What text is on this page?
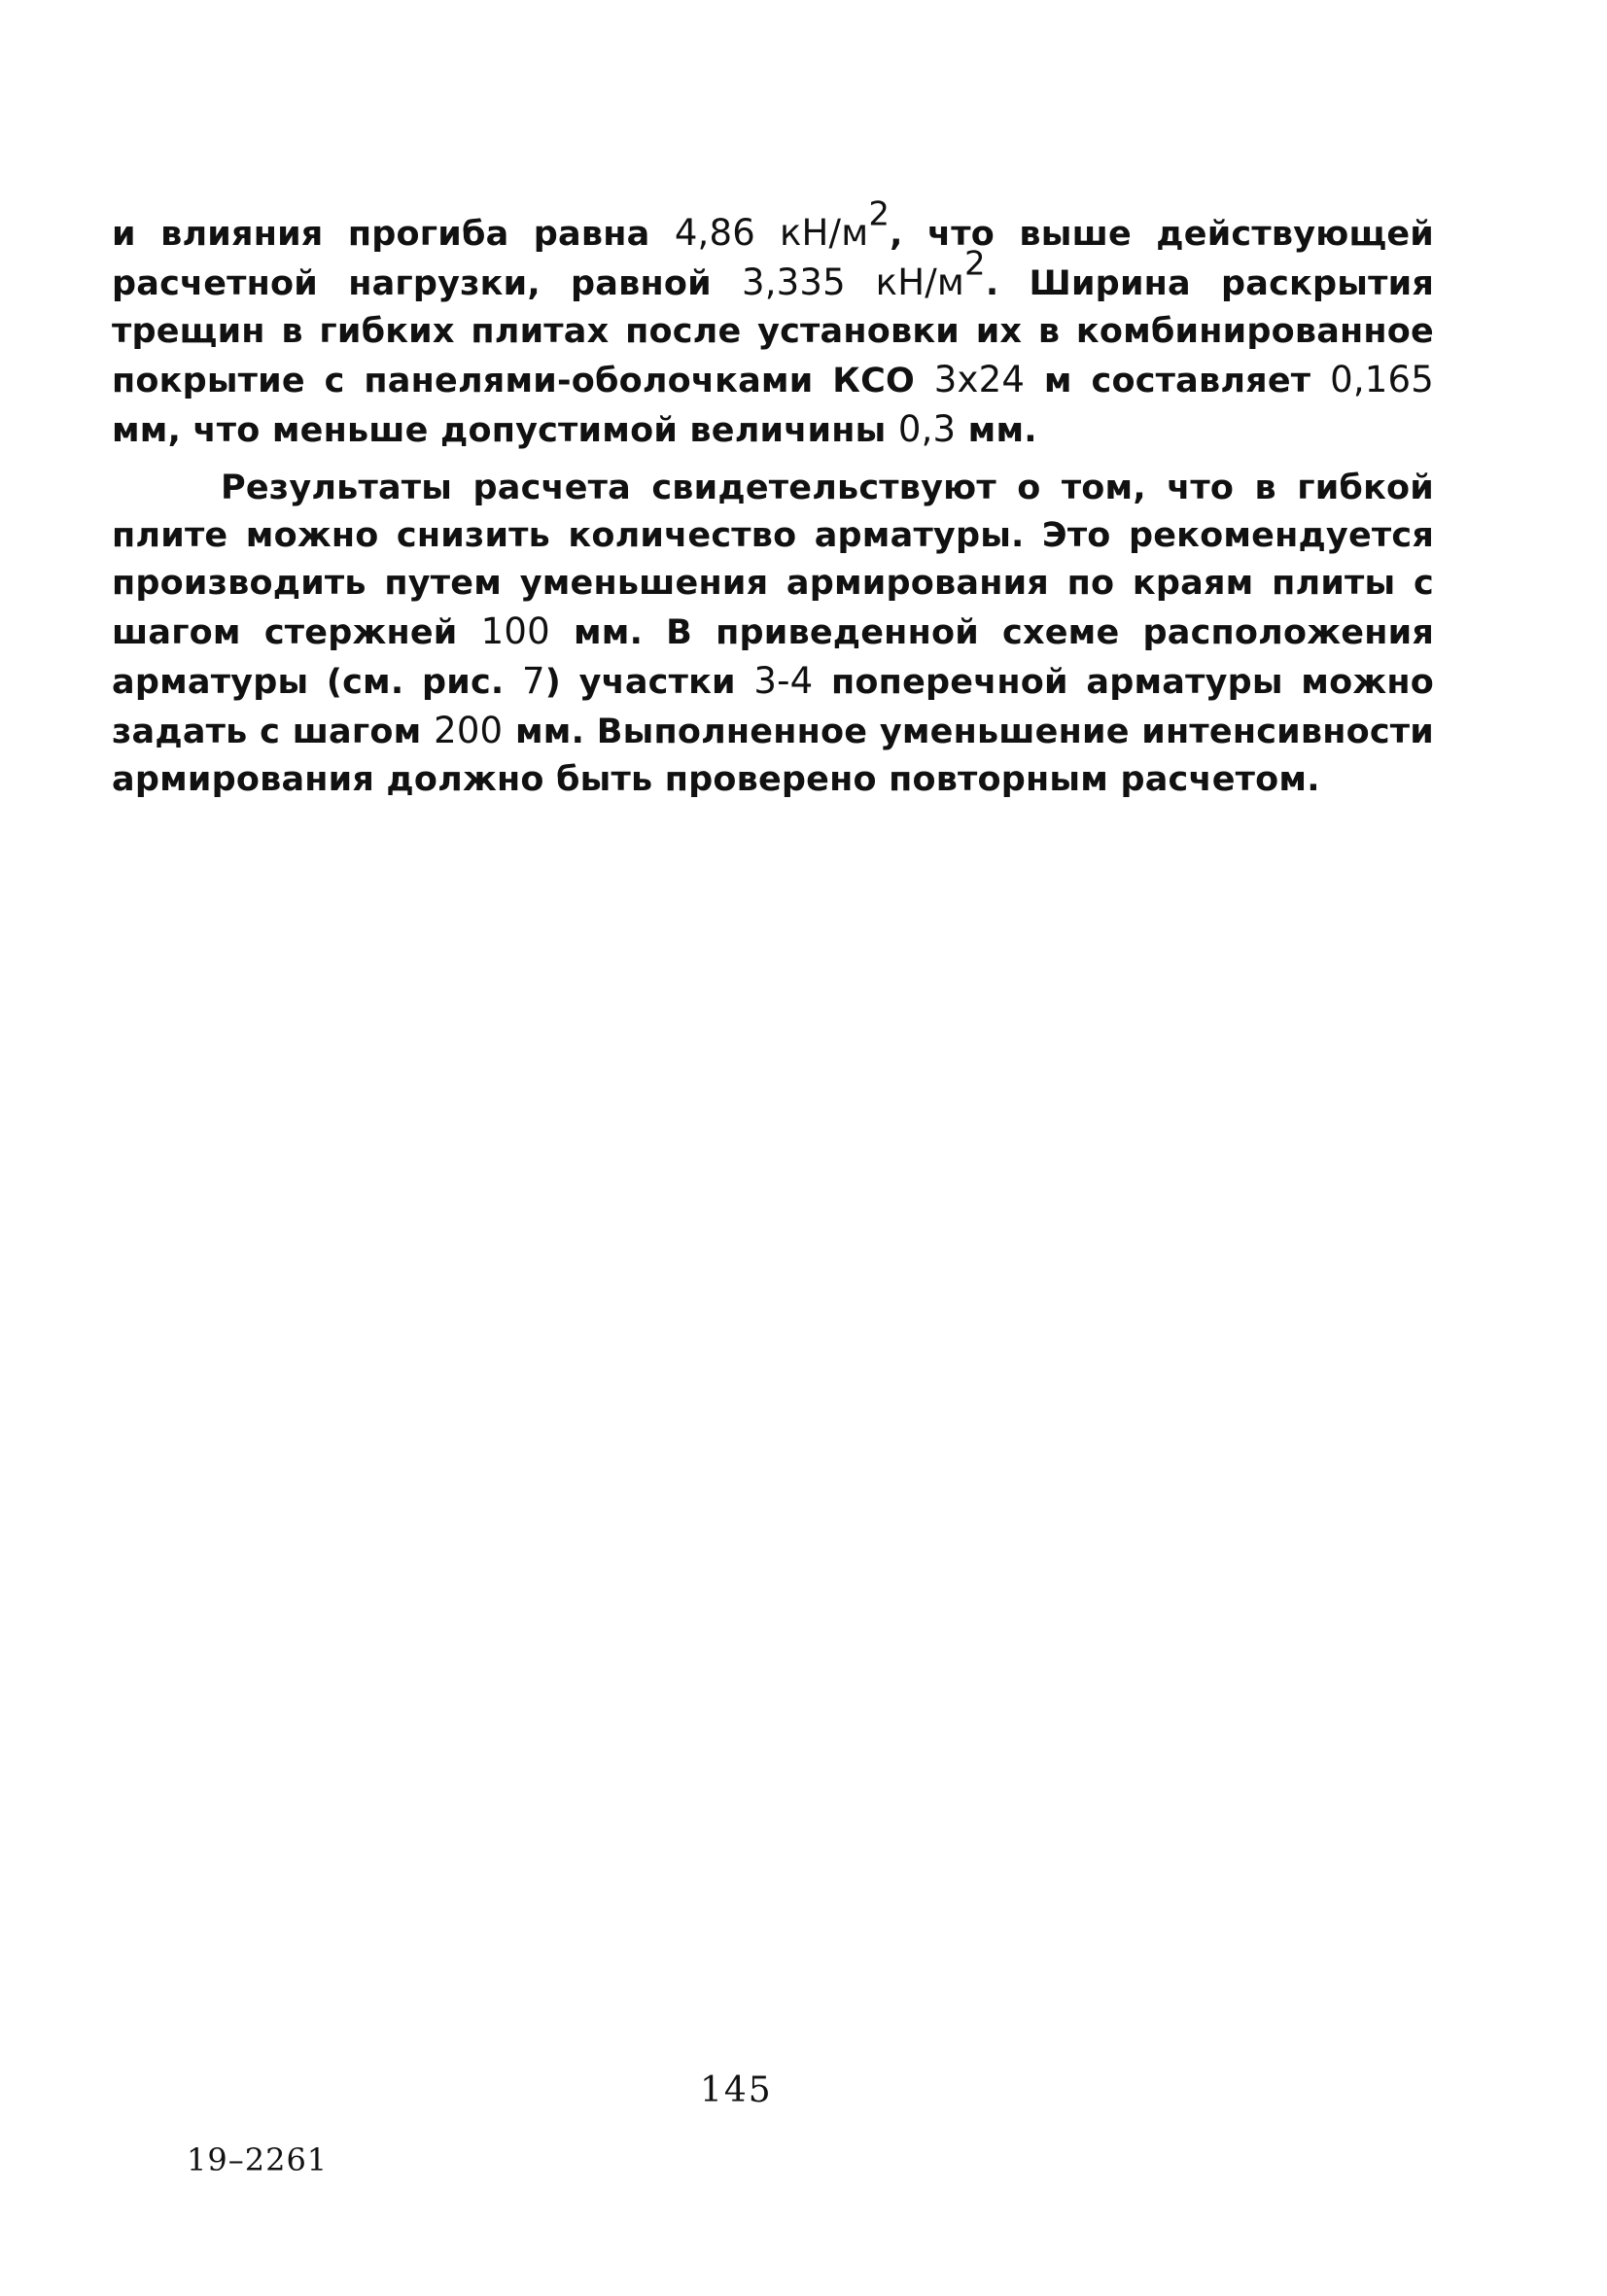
и влияния прогиба равна 4,86 $кН/м^2$, что выше действующей расчетной нагрузки, равной 3,335 $кН/м^2$. Ширина раскрытия трещин в гибких плитах после установки их в комбинированное покрытие с панелями-оболочками КСО 3х24 м составляет 0,165 мм, что меньше допустимой величины 0,3 мм.

Результаты расчета свидетельствуют о том, что в гибкой плите можно снизить количество арматуры. Это рекомендуется производить путем уменьшения армирования по краям плиты с шагом стержней 100 мм. В приведенной схеме расположения арматуры (см. рис. 7) участки 3-4 поперечной арматуры можно задать с шагом 200 мм. Выполненное уменьшение интенсивности армирования должно быть проверено повторным расчетом.

145
19–2261
